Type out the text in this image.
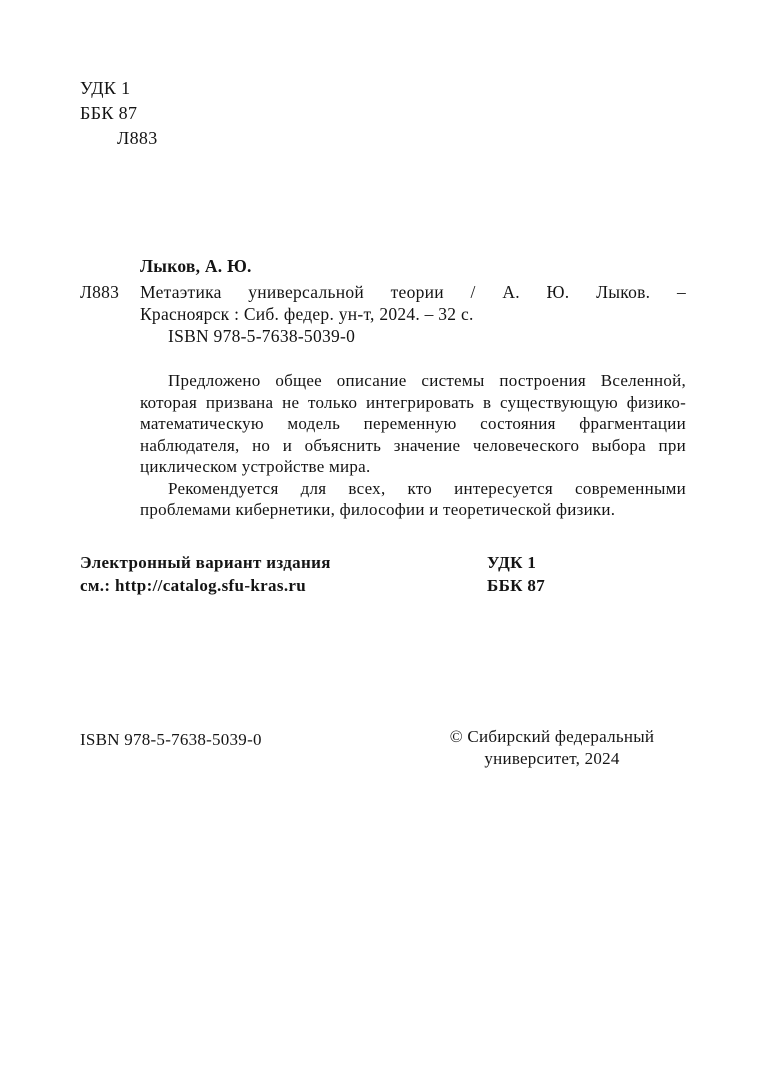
УДК 1
ББК 87
Л883
Лыков, А. Ю.
Л883 Метаэтика универсальной теории / А. Ю. Лыков. –
Красноярск : Сиб. федер. ун-т, 2024. – 32 с.
ISBN 978-5-7638-5039-0

Предложено общее описание системы построения Вселенной, которая призвана не только интегрировать в существующую физико-математическую модель переменную состояния фрагментации наблюдателя, но и объяснить значение человеческого выбора при циклическом устройстве мира.

Рекомендуется для всех, кто интересуется современными проблемами кибернетики, философии и теоретической физики.

Электронный вариант издания	УДК 1
см.: http://catalog.sfu-kras.ru	ББК 87
ISBN 978-5-7638-5039-0	© Сибирский федеральный
университет, 2024
